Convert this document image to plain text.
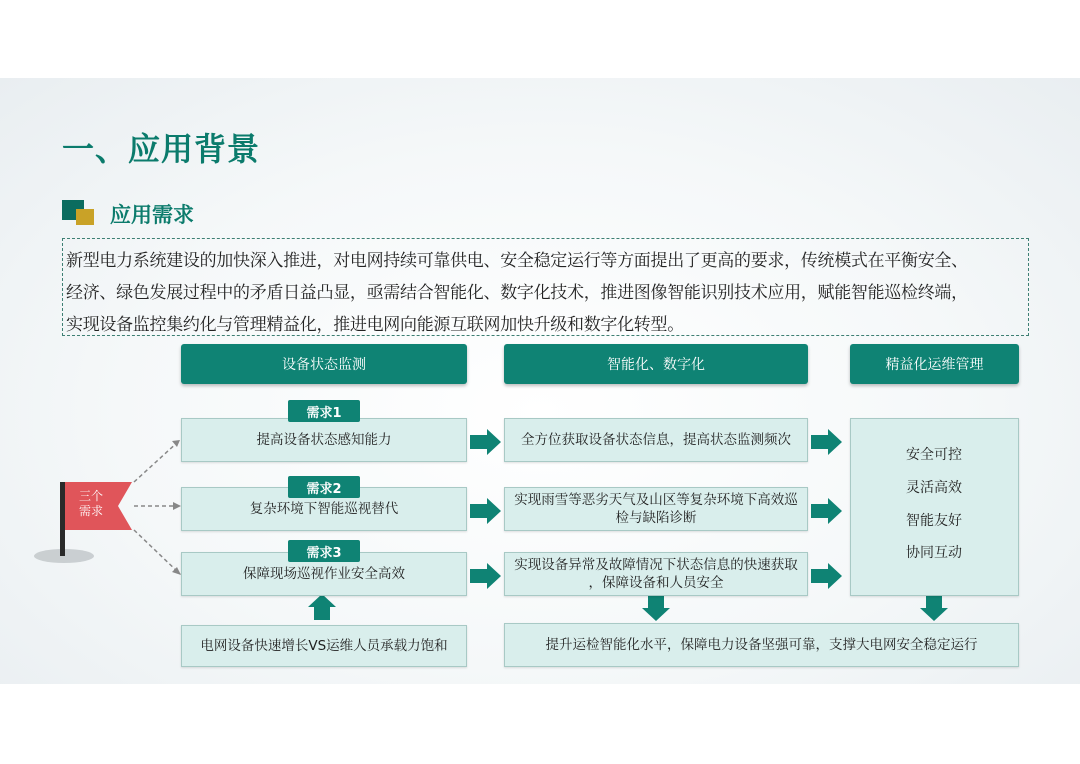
一、应用背景
应用需求
新型电力系统建设的加快深入推进，对电网持续可靠供电、安全稳定运行等方面提出了更高的要求，传统模式在平衡安全、
经济、绿色发展过程中的矛盾日益凸显，亟需结合智能化、数字化技术，推进图像智能识别技术应用，赋能智能巡检终端，
实现设备监控集约化与管理精益化，推进电网向能源互联网加快升级和数字化转型。
三个
需求
设备状态监测	智能化、数字化	精益化运维管理
提高设备状态感知能力
需求1
复杂环境下智能巡视替代
需求2
保障现场巡视作业安全高效
需求3
全方位获取设备状态信息，提高状态监测频次
实现雨雪等恶劣天气及山区等复杂环境下高效巡
检与缺陷诊断
实现设备异常及故障情况下状态信息的快速获取
，保障设备和人员安全
安全可控
灵活高效
智能友好
协同互动
电网设备快速增长VS运维人员承载力饱和	提升运检智能化水平，保障电力设备坚强可靠，支撑大电网安全稳定运行
